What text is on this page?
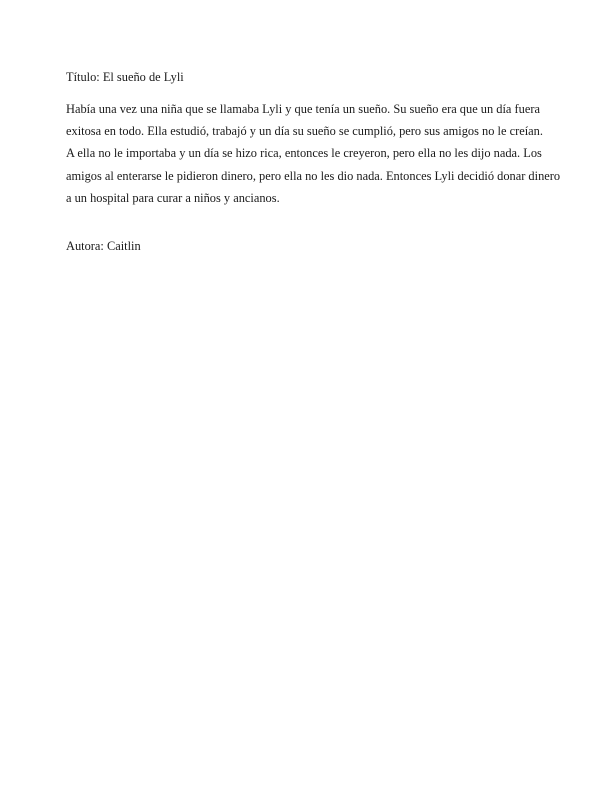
Título: El sueño de Lyli

Había una vez una niña que se llamaba Lyli y que tenía un sueño. Su sueño era que un día fuera
exitosa en todo. Ella estudió, trabajó y un día su sueño se cumplió, pero sus amigos no le creían.
A ella no le importaba y un día se hizo rica, entonces le creyeron, pero ella no les dijo nada. Los
amigos al enterarse le pidieron dinero, pero ella no les dio nada. Entonces Lyli decidió donar dinero
a un hospital para curar a niños y ancianos.

Autora: Caitlin
